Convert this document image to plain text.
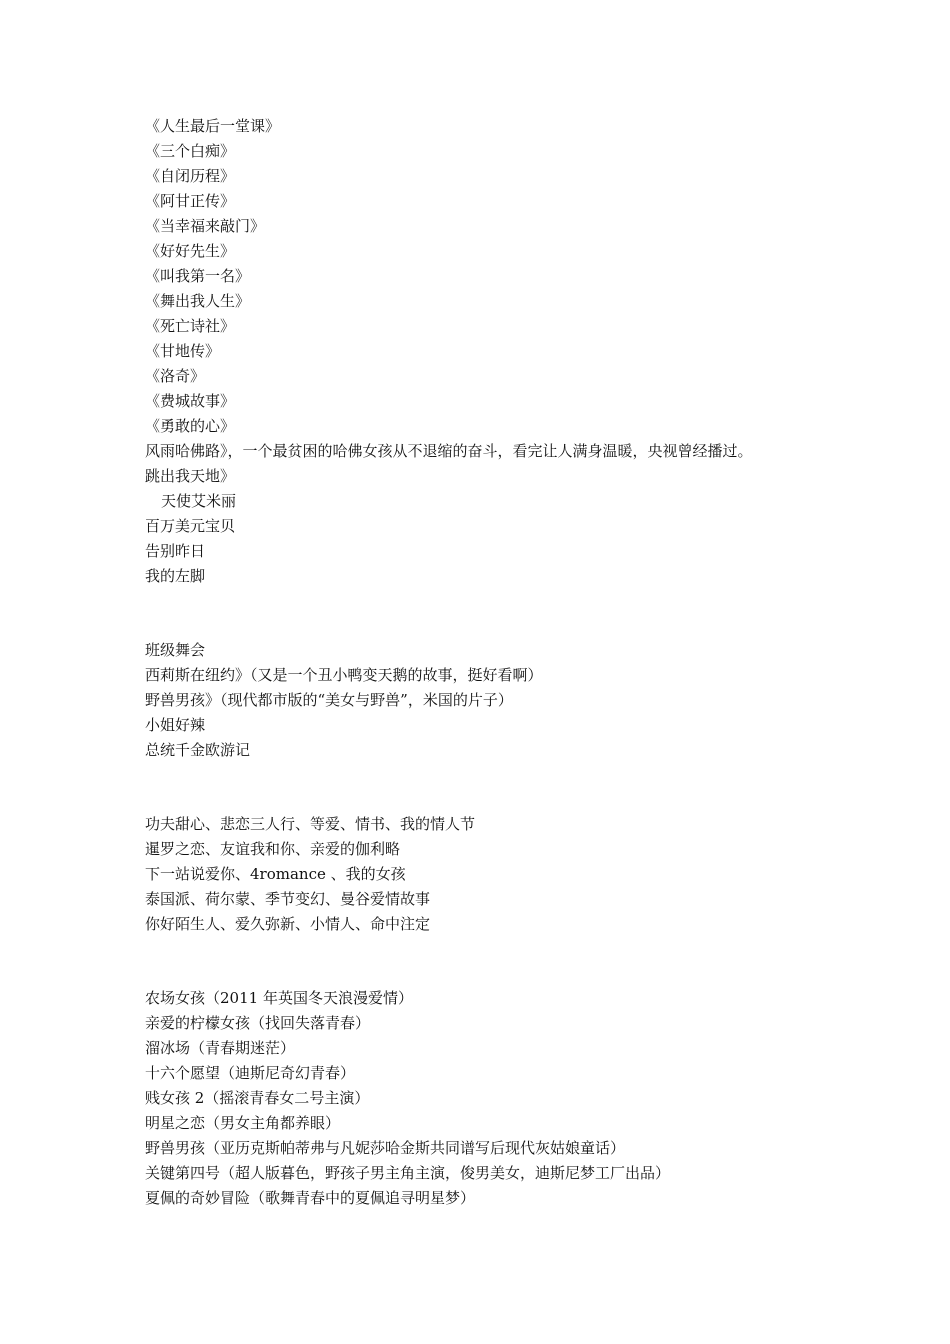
《人生最后一堂课》
《三个白痴》
《自闭历程》
《阿甘正传》
《当幸福来敲门》
《好好先生》
《叫我第一名》
《舞出我人生》
《死亡诗社》
《甘地传》
《洛奇》
《费城故事》
《勇敢的心》
风雨哈佛路》，一个最贫困的哈佛女孩从不退缩的奋斗，看完让人满身温暖，央视曾经播过。
跳出我天地》
天使艾米丽
百万美元宝贝
告别昨日
我的左脚
班级舞会
西莉斯在纽约》（又是一个丑小鸭变天鹅的故事，挺好看啊）
野兽男孩》（现代都市版的“美女与野兽”，米国的片子）
小姐好辣
总统千金欧游记
功夫甜心、悲恋三人行、等爱、情书、我的情人节
暹罗之恋、友谊我和你、亲爱的伽利略
下一站说爱你、4romance 、我的女孩
泰国派、荷尔蒙、季节变幻、曼谷爱情故事
你好陌生人、爱久弥新、小情人、命中注定
农场女孩（2011 年英国冬天浪漫爱情）
亲爱的柠檬女孩（找回失落青春）
溜冰场（青春期迷茫）
十六个愿望（迪斯尼奇幻青春）
贱女孩 2（摇滚青春女二号主演）
明星之恋（男女主角都养眼）
野兽男孩（亚历克斯帕蒂弗与凡妮莎哈金斯共同谱写后现代灰姑娘童话）
关键第四号（超人版暮色，野孩子男主角主演，俊男美女，迪斯尼梦工厂出品）
夏佩的奇妙冒险（歌舞青春中的夏佩追寻明星梦）
